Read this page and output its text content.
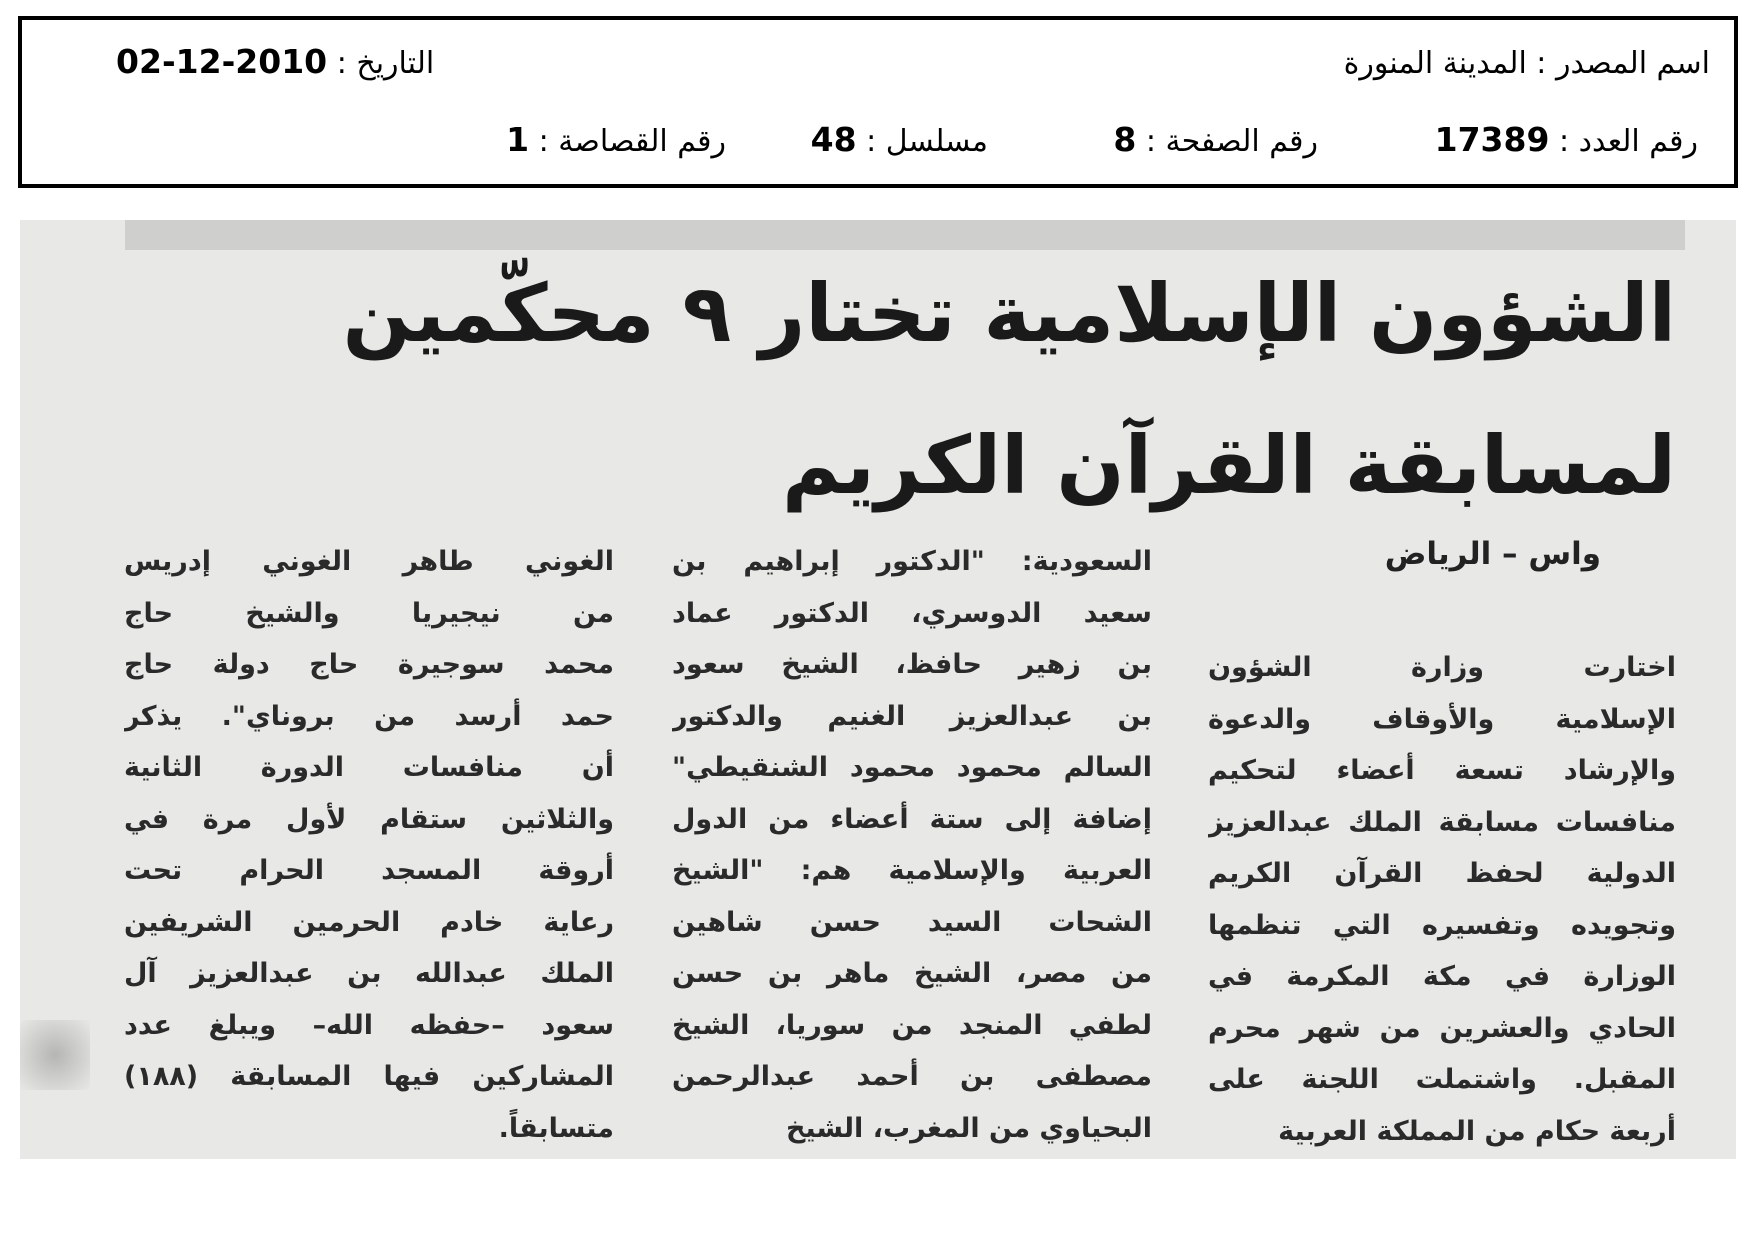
اسم المصدر : المدينة المنورة
التاريخ : 2010-12-02
رقم العدد : 17389
رقم الصفحة : 8
مسلسل : 48
رقم القصاصة : 1
الشؤون الإسلامية تختار ٩ محكّمين
لمسابقة القرآن الكريم
واس – الرياض
اختارت وزارة الشؤون
الإسلامية والأوقاف والدعوة
والإرشاد تسعة أعضاء لتحكيم
منافسات مسابقة الملك عبدالعزيز
الدولية لحفظ القرآن الكريم
وتجويده وتفسيره التي تنظمها
الوزارة في مكة المكرمة في
الحادي والعشرين من شهر محرم
المقبل. واشتملت اللجنة على
أربعة حكام من المملكة العربية
السعودية: "الدكتور إبراهيم بن
سعيد الدوسري، الدكتور عماد
بن زهير حافظ، الشيخ سعود
بن عبدالعزيز الغنيم والدكتور
السالم محمود محمود الشنقيطي"
إضافة إلى ستة أعضاء من الدول
العربية والإسلامية هم: "الشيخ
الشحات السيد حسن شاهين
من مصر، الشيخ ماهر بن حسن
لطفي المنجد من سوريا، الشيخ
مصطفى بن أحمد عبدالرحمن
البحياوي من المغرب، الشيخ
الغوني طاهر الغوني إدريس
من نيجيريا والشيخ حاج
محمد سوجيرة حاج دولة حاج
حمد أرسد من بروناي". يذكر
أن منافسات الدورة الثانية
والثلاثين ستقام لأول مرة في
أروقة المسجد الحرام تحت
رعاية خادم الحرمين الشريفين
الملك عبدالله بن عبدالعزيز آل
سعود –حفظه الله– ويبلغ عدد
المشاركين فيها المسابقة (١٨٨)
متسابقاً.
